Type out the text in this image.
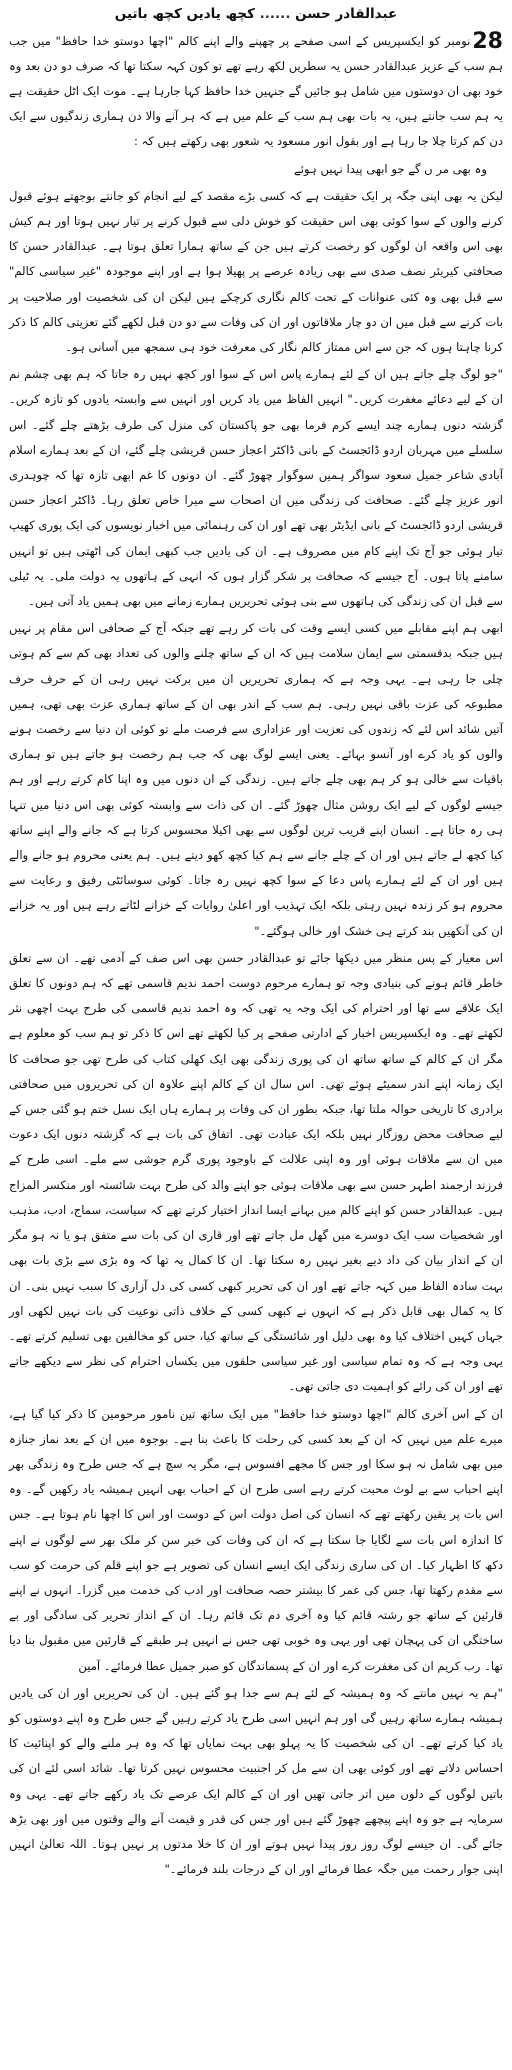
عبدالقادر حسن ...... کچھ یادیں کچھ باتیں

28نومبر کو ایکسپریس کے اسی صفحے پر چھپنے والے اپنے کالم "اچھا دوستو خدا حافظ" میں جب ہم سب کے عزیز عبدالقادر حسن یہ سطریں لکھ رہے تھے تو کون کہہ سکتا تھا کہ صرف دو دن بعد وہ خود بھی ان دوستوں میں شامل ہو جائیں گے جنہیں خدا حافظ کہا جارہا ہے۔ موت ایک اٹل حقیقت ہے یہ ہم سب جانتے ہیں، یہ بات بھی ہم سب کے علم میں ہے کہ ہر آنے والا دن ہماری زندگیوں سے ایک دن کم کرتا چلا جا رہا ہے اور بقول انور مسعود یہ شعور بھی رکھتے ہیں کہ :

وہ بھی مر ں گے جو ابھی پیدا نہیں ہوئے

لیکن یہ بھی اپنی جگہ پر ایک حقیقت ہے کہ کسی بڑے مقصد کے لیے انجام کو جانتے بوجھتے ہوئے قبول کرنے والوں کے سوا کوئی بھی اس حقیقت کو خوش دلی سے قبول کرنے پر تیار نہیں ہوتا اور ہم کیش بھی اس واقعہ ان لوگوں کو رخصت کرتے ہیں جن کے ساتھ ہمارا تعلق ہوتا ہے۔ عبدالقادر حسن کا صحافتی کیریئر نصف صدی سے بھی زیادہ عرصے پر پھیلا ہوا ہے اور اپنے موجودہ "غیر سیاسی کالم" سے قبل بھی وہ کئی عنوانات کے تحت کالم نگاری کرچکے ہیں لیکن ان کی شخصیت اور صلاحیت پر بات کرنے سے قبل میں ان دو چار ملاقاتوں اور ان کی وفات سے دو دن قبل لکھے گئے تعزیتی کالم کا ذکر کرنا چاہتا ہوں کہ جن سے اس ممتاز کالم نگار کی معرفت خود ہی سمجھ میں آسانی ہو۔

"جو لوگ چلے جاتے ہیں ان کے لئے ہمارے پاس اس کے سوا اور کچھ نہیں رہ جاتا کہ ہم بھی چشم نم ان کے لیے دعائے مغفرت کریں۔" انہیں الفاظ میں یاد کریں اور انہیں سے وابستہ یادوں کو تازہ کریں۔ گزشتہ دنوں ہمارے چند ایسے کرم فرما بھی جو پاکستان کی منزل کی طرف بڑھتے چلے گئے۔ اس سلسلے میں مہربان اردو ڈائجسٹ کے بانی ڈاکٹر اعجاز حسن قریشی چلے گئے، ان کے بعد ہمارے اسلام آبادی شاعر جمیل سعود سواگر ہمیں سوگوار چھوڑ گئے۔ ان دونوں کا غم ابھی تازہ تھا کہ چوہدری انور عزیز چلے گئے۔ صحافت کی زندگی میں ان اصحاب سے میرا خاص تعلق رہا۔ ڈاکٹر اعجاز حسن قریشی اردو ڈائجسٹ کے بانی ایڈیٹر بھی تھے اور ان کی رہنمائی میں اخبار نویسوں کی ایک پوری کھیپ تیار ہوئی جو آج تک اپنے کام میں مصروف ہے۔ ان کی یادیں جب کبھی ایمان کی اٹھتی ہیں تو انہیں سامنے پاتا ہوں۔ آج جیسے کہ صحافت پر شکر گزار ہوں کہ انہی کے ہاتھوں یہ دولت ملی۔ یہ ٹیلی سے قبل ان کی زندگی کی ہاتھوں سے بنی ہوئی تحریریں ہمارے زمانے میں بھی ہمیں یاد آتی ہیں۔

ابھی ہم اپنے مقابلے میں کسی ایسے وقت کی بات کر رہے تھے جبکہ آج کے صحافی اس مقام پر نہیں ہیں جبکہ بدقسمتی سے ایمان سلامت ہیں کہ ان کے ساتھ چلنے والوں کی تعداد بھی کم سے کم ہوتی چلی جا رہی ہے۔ یہی وجہ ہے کہ ہماری تحریریں ان میں برکت نہیں رہی ان کے حرف حرف مطبوعہ کی عزت باقی نہیں رہی۔ ہم سب کے اندر بھی ان کے ساتھ ہماری عزت بھی تھی، ہمیں آتیں شائد اس لئے کہ زندوں کی تعزیت اور عزاداری سے فرصت ملے تو کوئی ان دنیا سے رخصت ہونے والوں کو یاد کرے اور آنسو بہائے۔ یعنی ایسے لوگ بھی کہ جب ہم رخصت ہو جاتے ہیں تو ہماری باقیات سے خالی ہو کر ہم بھی چلے جاتے ہیں۔ زندگی کے ان دنوں میں وہ اپنا کام کرتے رہے اور ہم جیسے لوگوں کے لیے ایک روشن مثال چھوڑ گئے۔ ان کی ذات سے وابستہ کوئی بھی اس دنیا میں تنہا ہی رہ جاتا ہے۔ انسان اپنے قریب ترین لوگوں سے بھی اکیلا محسوس کرتا ہے کہ جانے والے اپنے ساتھ کیا کچھ لے جاتے ہیں اور ان کے چلے جانے سے ہم کیا کچھ کھو دیتے ہیں۔ ہم یعنی محروم ہو جانے والے ہیں اور ان کے لئے ہمارے پاس دعا کے سوا کچھ نہیں رہ جاتا۔ کوئی سوسائٹی رفیق و رعایت سے محروم ہو کر زندہ نہیں رہتی بلکہ ایک تہذیب اور اعلیٰ روایات کے خزانے لٹاتے رہے ہیں اور یہ خزانے ان کی آنکھیں بند کرتے ہی خشک اور خالی ہوگئے۔"

اس معیار کے پس منظر میں دیکھا جائے تو عبدالقادر حسن بھی اس صف کے آدمی تھے۔ ان سے تعلق خاطر قائم ہونے کی بنیادی وجہ تو ہمارے مرحوم دوست احمد ندیم قاسمی تھے کہ ہم دونوں کا تعلق ایک علاقے سے تھا اور احترام کی ایک وجہ یہ تھی کہ وہ احمد ندیم قاسمی کی طرح بہت اچھی نثر لکھتے تھے۔ وہ ایکسپریس اخبار کے ادارتی صفحے پر کیا لکھتے تھے اس کا ذکر تو ہم سب کو معلوم ہے مگر ان کے کالم کے ساتھ ساتھ ان کی پوری زندگی بھی ایک کھلی کتاب کی طرح تھی جو صحافت کا ایک زمانہ اپنے اندر سمیٹے ہوئے تھی۔ اس سال ان کے کالم اپنے علاوہ ان کی تحریروں میں صحافتی برادری کا تاریخی حوالہ ملتا تھا، جبکہ بطور ان کی وفات پر ہمارے ہاں ایک نسل ختم ہو گئی جس کے لیے صحافت محض روزگار نہیں بلکہ ایک عبادت تھی۔ اتفاق کی بات ہے کہ گزشتہ دنوں ایک دعوت میں ان سے ملاقات ہوئی اور وہ اپنی علالت کے باوجود پوری گرم جوشی سے ملے۔ اسی طرح کے فرزند ارجمند اطہر حسن سے بھی ملاقات ہوئی جو اپنے والد کی طرح بہت شائستہ اور منکسر المزاج ہیں۔ عبدالقادر حسن کو اپنے کالم میں بہانے ایسا انداز اختیار کرتے تھے کہ سیاست، سماج، ادب، مذہب اور شخصیات سب ایک دوسرے میں گھل مل جاتے تھے اور قاری ان کی بات سے متفق ہو یا نہ ہو مگر ان کے انداز بیان کی داد دیے بغیر نہیں رہ سکتا تھا۔ ان کا کمال یہ تھا کہ وہ بڑی سے بڑی بات بھی بہت سادہ الفاظ میں کہہ جاتے تھے اور ان کی تحریر کبھی کسی کی دل آزاری کا سبب نہیں بنی۔ ان کا یہ کمال بھی قابل ذکر ہے کہ انہوں نے کبھی کسی کے خلاف ذاتی نوعیت کی بات نہیں لکھی اور جہاں کہیں اختلاف کیا وہ بھی دلیل اور شائستگی کے ساتھ کیا، جس کو مخالفین بھی تسلیم کرتے تھے۔ یہی وجہ ہے کہ وہ تمام سیاسی اور غیر سیاسی حلقوں میں یکساں احترام کی نظر سے دیکھے جاتے تھے اور ان کی رائے کو اہمیت دی جاتی تھی۔

ان کے اس آخری کالم "اچھا دوستو خدا حافظ" میں ایک ساتھ تین نامور مرحومین کا ذکر کیا گیا ہے، میرے علم میں نہیں کہ ان کے بعد کسی کی رحلت کا باعث بنا ہے۔ بوجوہ میں ان کے بعد نماز جنازہ میں بھی شامل نہ ہو سکا اور جس کا مجھے افسوس ہے، مگر یہ سچ ہے کہ جس طرح وہ زندگی بھر اپنے احباب سے بے لوث محبت کرتے رہے اسی طرح ان کے احباب بھی انہیں ہمیشہ یاد رکھیں گے۔ وہ اس بات پر یقین رکھتے تھے کہ انسان کی اصل دولت اس کے دوست اور اس کا اچھا نام ہوتا ہے۔ جس کا اندازہ اس بات سے لگایا جا سکتا ہے کہ ان کی وفات کی خبر سن کر ملک بھر سے لوگوں نے اپنے دکھ کا اظہار کیا۔ ان کی ساری زندگی ایک ایسے انسان کی تصویر ہے جو اپنے قلم کی حرمت کو سب سے مقدم رکھتا تھا، جس کی عمر کا بیشتر حصہ صحافت اور ادب کی خدمت میں گزرا۔ انہوں نے اپنے قارئین کے ساتھ جو رشتہ قائم کیا وہ آخری دم تک قائم رہا۔ ان کے انداز تحریر کی سادگی اور بے ساختگی ان کی پہچان تھی اور یہی وہ خوبی تھی جس نے انہیں ہر طبقے کے قارئین میں مقبول بنا دیا تھا۔ رب کریم ان کی مغفرت کرے اور ان کے پسماندگان کو صبر جمیل عطا فرمائے۔ آمین

"ہم یہ نہیں مانتے کہ وہ ہمیشہ کے لئے ہم سے جدا ہو گئے ہیں۔ ان کی تحریریں اور ان کی یادیں ہمیشہ ہمارے ساتھ رہیں گی اور ہم انہیں اسی طرح یاد کرتے رہیں گے جس طرح وہ اپنے دوستوں کو یاد کیا کرتے تھے۔ ان کی شخصیت کا یہ پہلو بھی بہت نمایاں تھا کہ وہ ہر ملنے والے کو اپنائیت کا احساس دلاتے تھے اور کوئی بھی ان سے مل کر اجنبیت محسوس نہیں کرتا تھا۔ شائد اسی لئے ان کی باتیں لوگوں کے دلوں میں اتر جاتی تھیں اور ان کے کالم ایک عرصے تک یاد رکھے جاتے تھے۔ یہی وہ سرمایہ ہے جو وہ اپنے پیچھے چھوڑ گئے ہیں اور جس کی قدر و قیمت آنے والے وقتوں میں اور بھی بڑھ جائے گی۔ ان جیسے لوگ روز روز پیدا نہیں ہوتے اور ان کا خلا مدتوں پر نہیں ہوتا۔ اللہ تعالیٰ انہیں اپنی جوار رحمت میں جگہ عطا فرمائے اور ان کے درجات بلند فرمائے۔"
